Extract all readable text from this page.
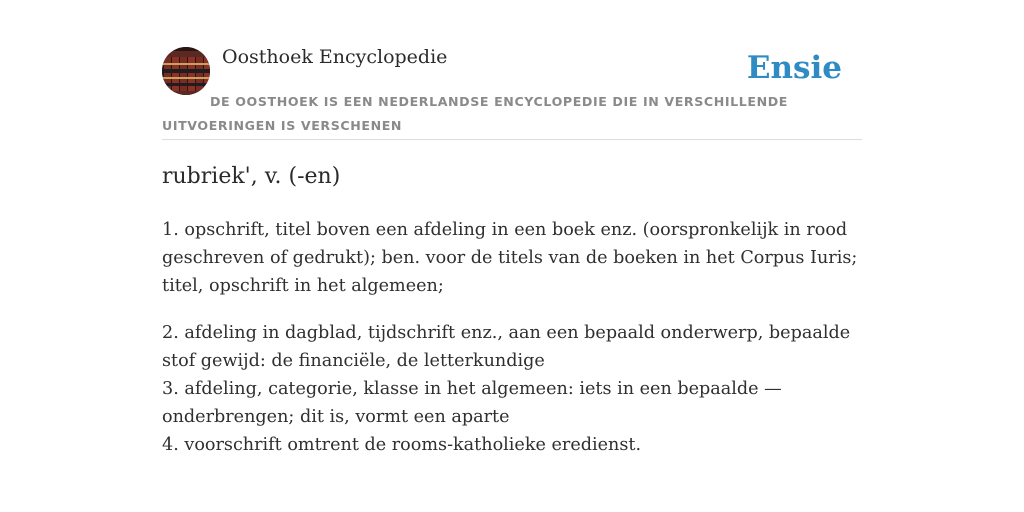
Oosthoek Encyclopedie	Ensie
DE OOSTHOEK IS EEN NEDERLANDSE ENCYCLOPEDIE DIE IN VERSCHILLENDE UITVOERINGEN IS VERSCHENEN
rubriek', v. (-en)

1. opschrift, titel boven een afdeling in een boek enz. (oorspronkelijk in rood geschreven of gedrukt); ben. voor de titels van de boeken in het Corpus Iuris; titel, opschrift in het algemeen;

2. afdeling in dagblad, tijdschrift enz., aan een bepaald onderwerp, bepaalde stof gewijd: de financiële, de letterkundige
3. afdeling, categorie, klasse in het algemeen: iets in een bepaalde — onderbrengen; dit is, vormt een aparte
4. voorschrift omtrent de rooms-katholieke eredienst.
